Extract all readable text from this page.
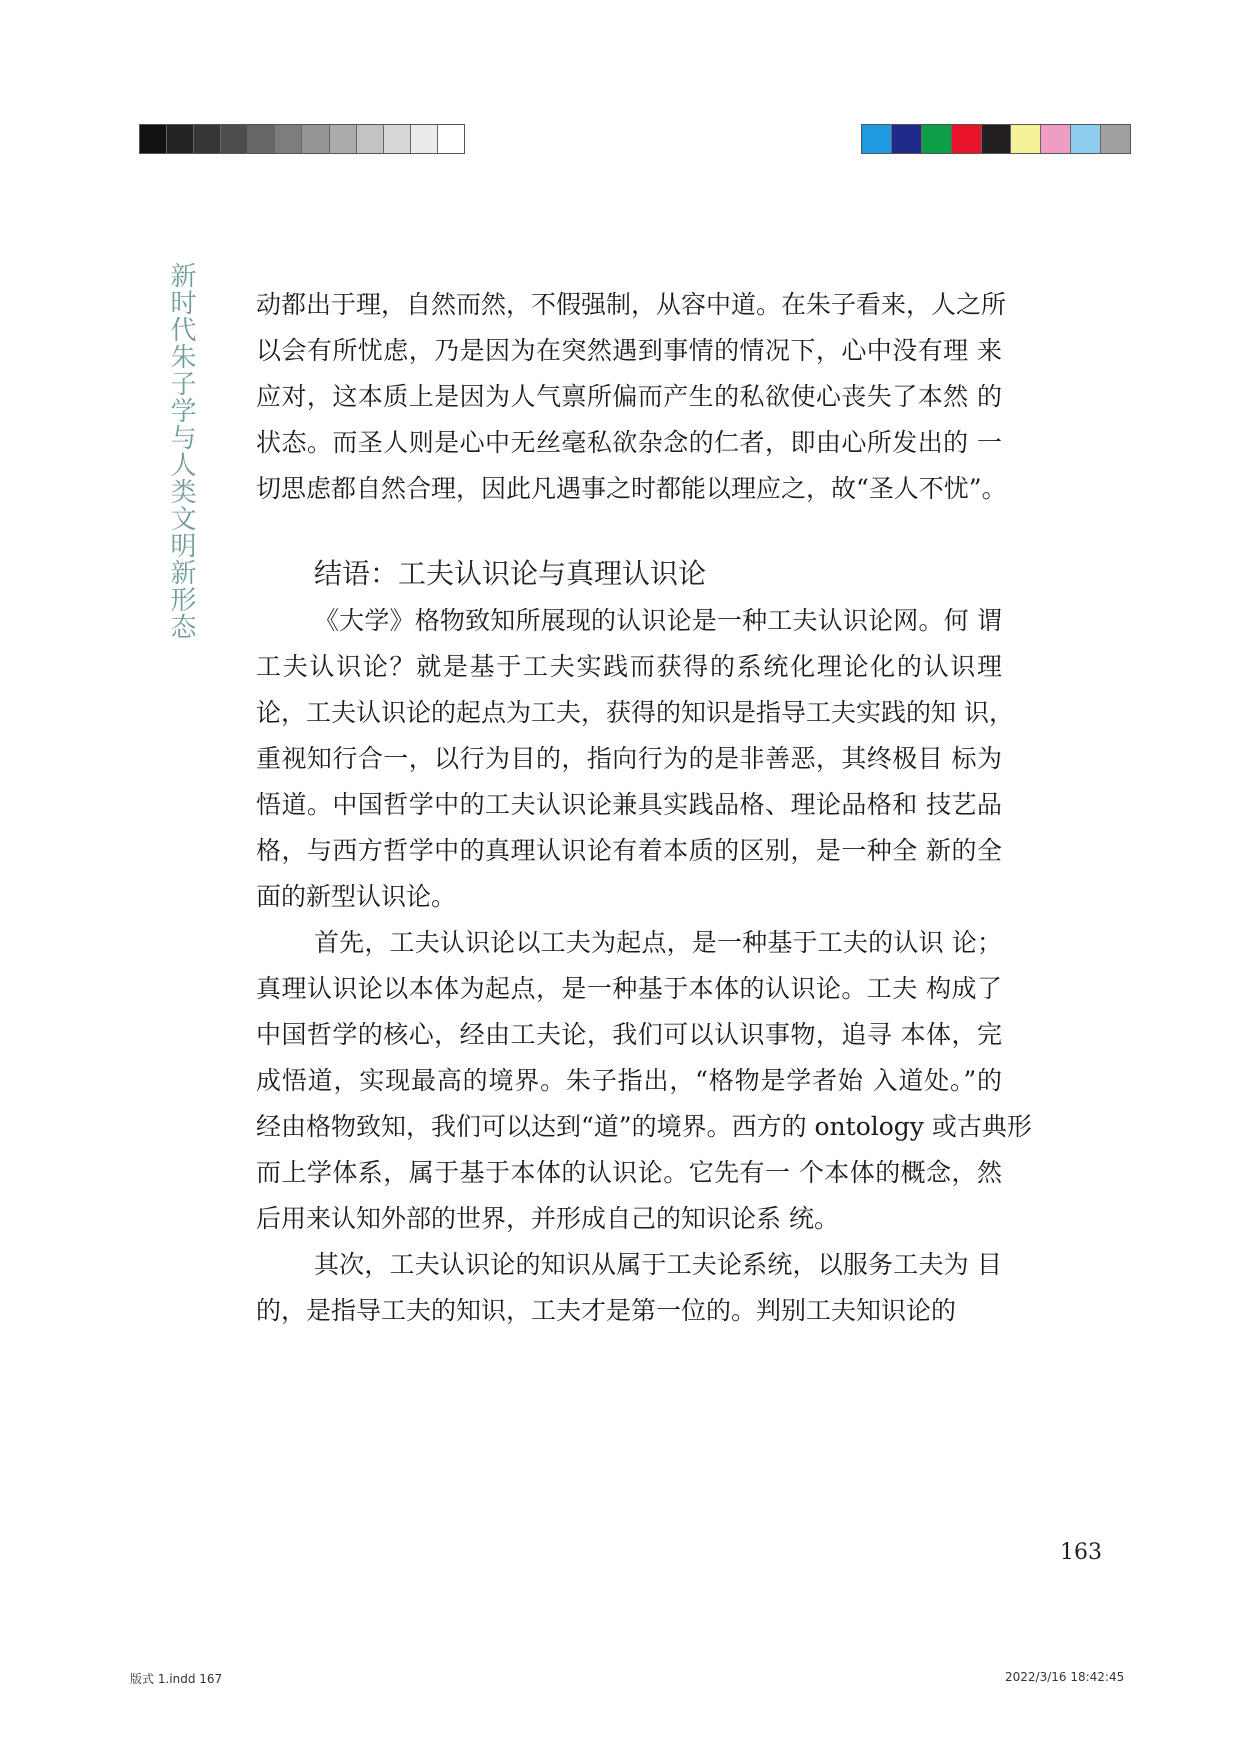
新时代朱子学与人类文明新形态 动都出于理，自然而然，不假强制，从容中道。在朱子看来，人之所
以会有所忧虑，乃是因为在突然遇到事情的情况下，心中没有理 来
应对，这本质上是因为人气禀所偏而产生的私欲使心丧失了本然 的
状态。而圣人则是心中无丝毫私欲杂念的仁者，即由心所发出的 一
切思虑都自然合理，因此凡遇事之时都能以理应之，故“圣人不忧”。
结语：工夫认识论与真理认识论
《大学》格物致知所展现的认识论是一种工夫认识论网。何 谓
工夫认识论？就是基于工夫实践而获得的系统化理论化的认识理
论，工夫认识论的起点为工夫，获得的知识是指导工夫实践的知 识，
重视知行合一，以行为目的，指向行为的是非善恶，其终极目 标为
悟道。中国哲学中的工夫认识论兼具实践品格、理论品格和 技艺品
格，与西方哲学中的真理认识论有着本质的区别，是一种全 新的全
面的新型认识论。
首先，工夫认识论以工夫为起点，是一种基于工夫的认识 论；
真理认识论以本体为起点，是一种基于本体的认识论。工夫 构成了
中国哲学的核心，经由工夫论，我们可以认识事物，追寻 本体，完
成悟道，实现最高的境界。朱子指出，“格物是学者始 入道处。”的
经由格物致知，我们可以达到“道”的境界。西方的 ontology 或古典形
而上学体系，属于基于本体的认识论。它先有一 个本体的概念，然
后用来认知外部的世界，并形成自己的知识论系 统。
其次，工夫认识论的知识从属于工夫论系统，以服务工夫为 目
的，是指导工夫的知识，工夫才是第一位的。判别工夫知识论的
163
版式 1.indd 167	2022/3/16 18:42:45
